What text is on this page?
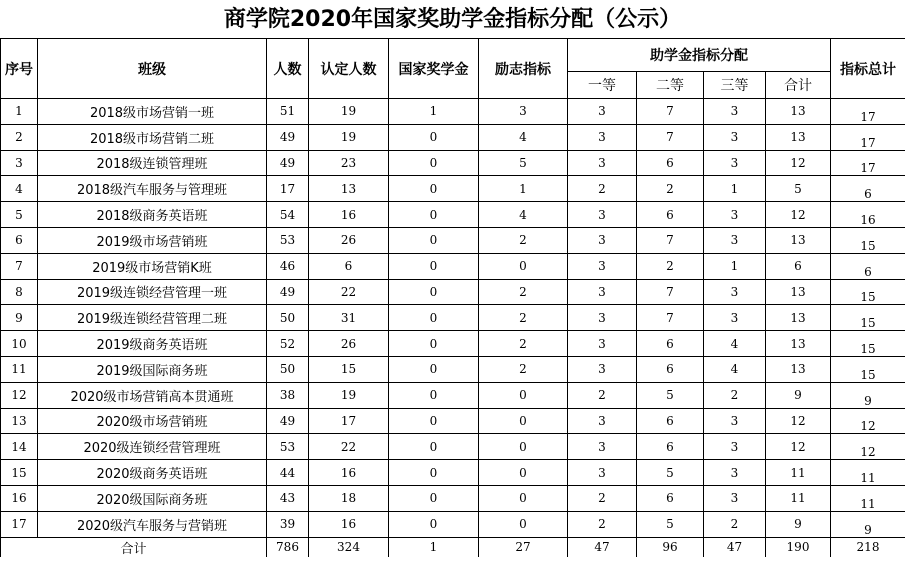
商学院2020年国家奖助学金指标分配（公示）
序号	班级	人数	认定人数	国家奖学金	励志指标	助学金指标分配				指标总计
						一等	二等	三等	合计	
1	2018级市场营销一班	51	19	1	3	3	7	3	13	17
2	2018级市场营销二班	49	19	0	4	3	7	3	13	17
3	2018级连锁管理班	49	23	0	5	3	6	3	12	17
4	2018级汽车服务与管理班	17	13	0	1	2	2	1	5	6
5	2018级商务英语班	54	16	0	4	3	6	3	12	16
6	2019级市场营销班	53	26	0	2	3	7	3	13	15
7	2019级市场营销K班	46	6	0	0	3	2	1	6	6
8	2019级连锁经营管理一班	49	22	0	2	3	7	3	13	15
9	2019级连锁经营管理二班	50	31	0	2	3	7	3	13	15
10	2019级商务英语班	52	26	0	2	3	6	4	13	15
11	2019级国际商务班	50	15	0	2	3	6	4	13	15
12	2020级市场营销高本贯通班	38	19	0	0	2	5	2	9	9
13	2020级市场营销班	49	17	0	0	3	6	3	12	12
14	2020级连锁经营管理班	53	22	0	0	3	6	3	12	12
15	2020级商务英语班	44	16	0	0	3	5	3	11	11
16	2020级国际商务班	43	18	0	0	2	6	3	11	11
17	2020级汽车服务与营销班	39	16	0	0	2	5	2	9	9
合计		786	324	1	27	47	96	47	190	218
